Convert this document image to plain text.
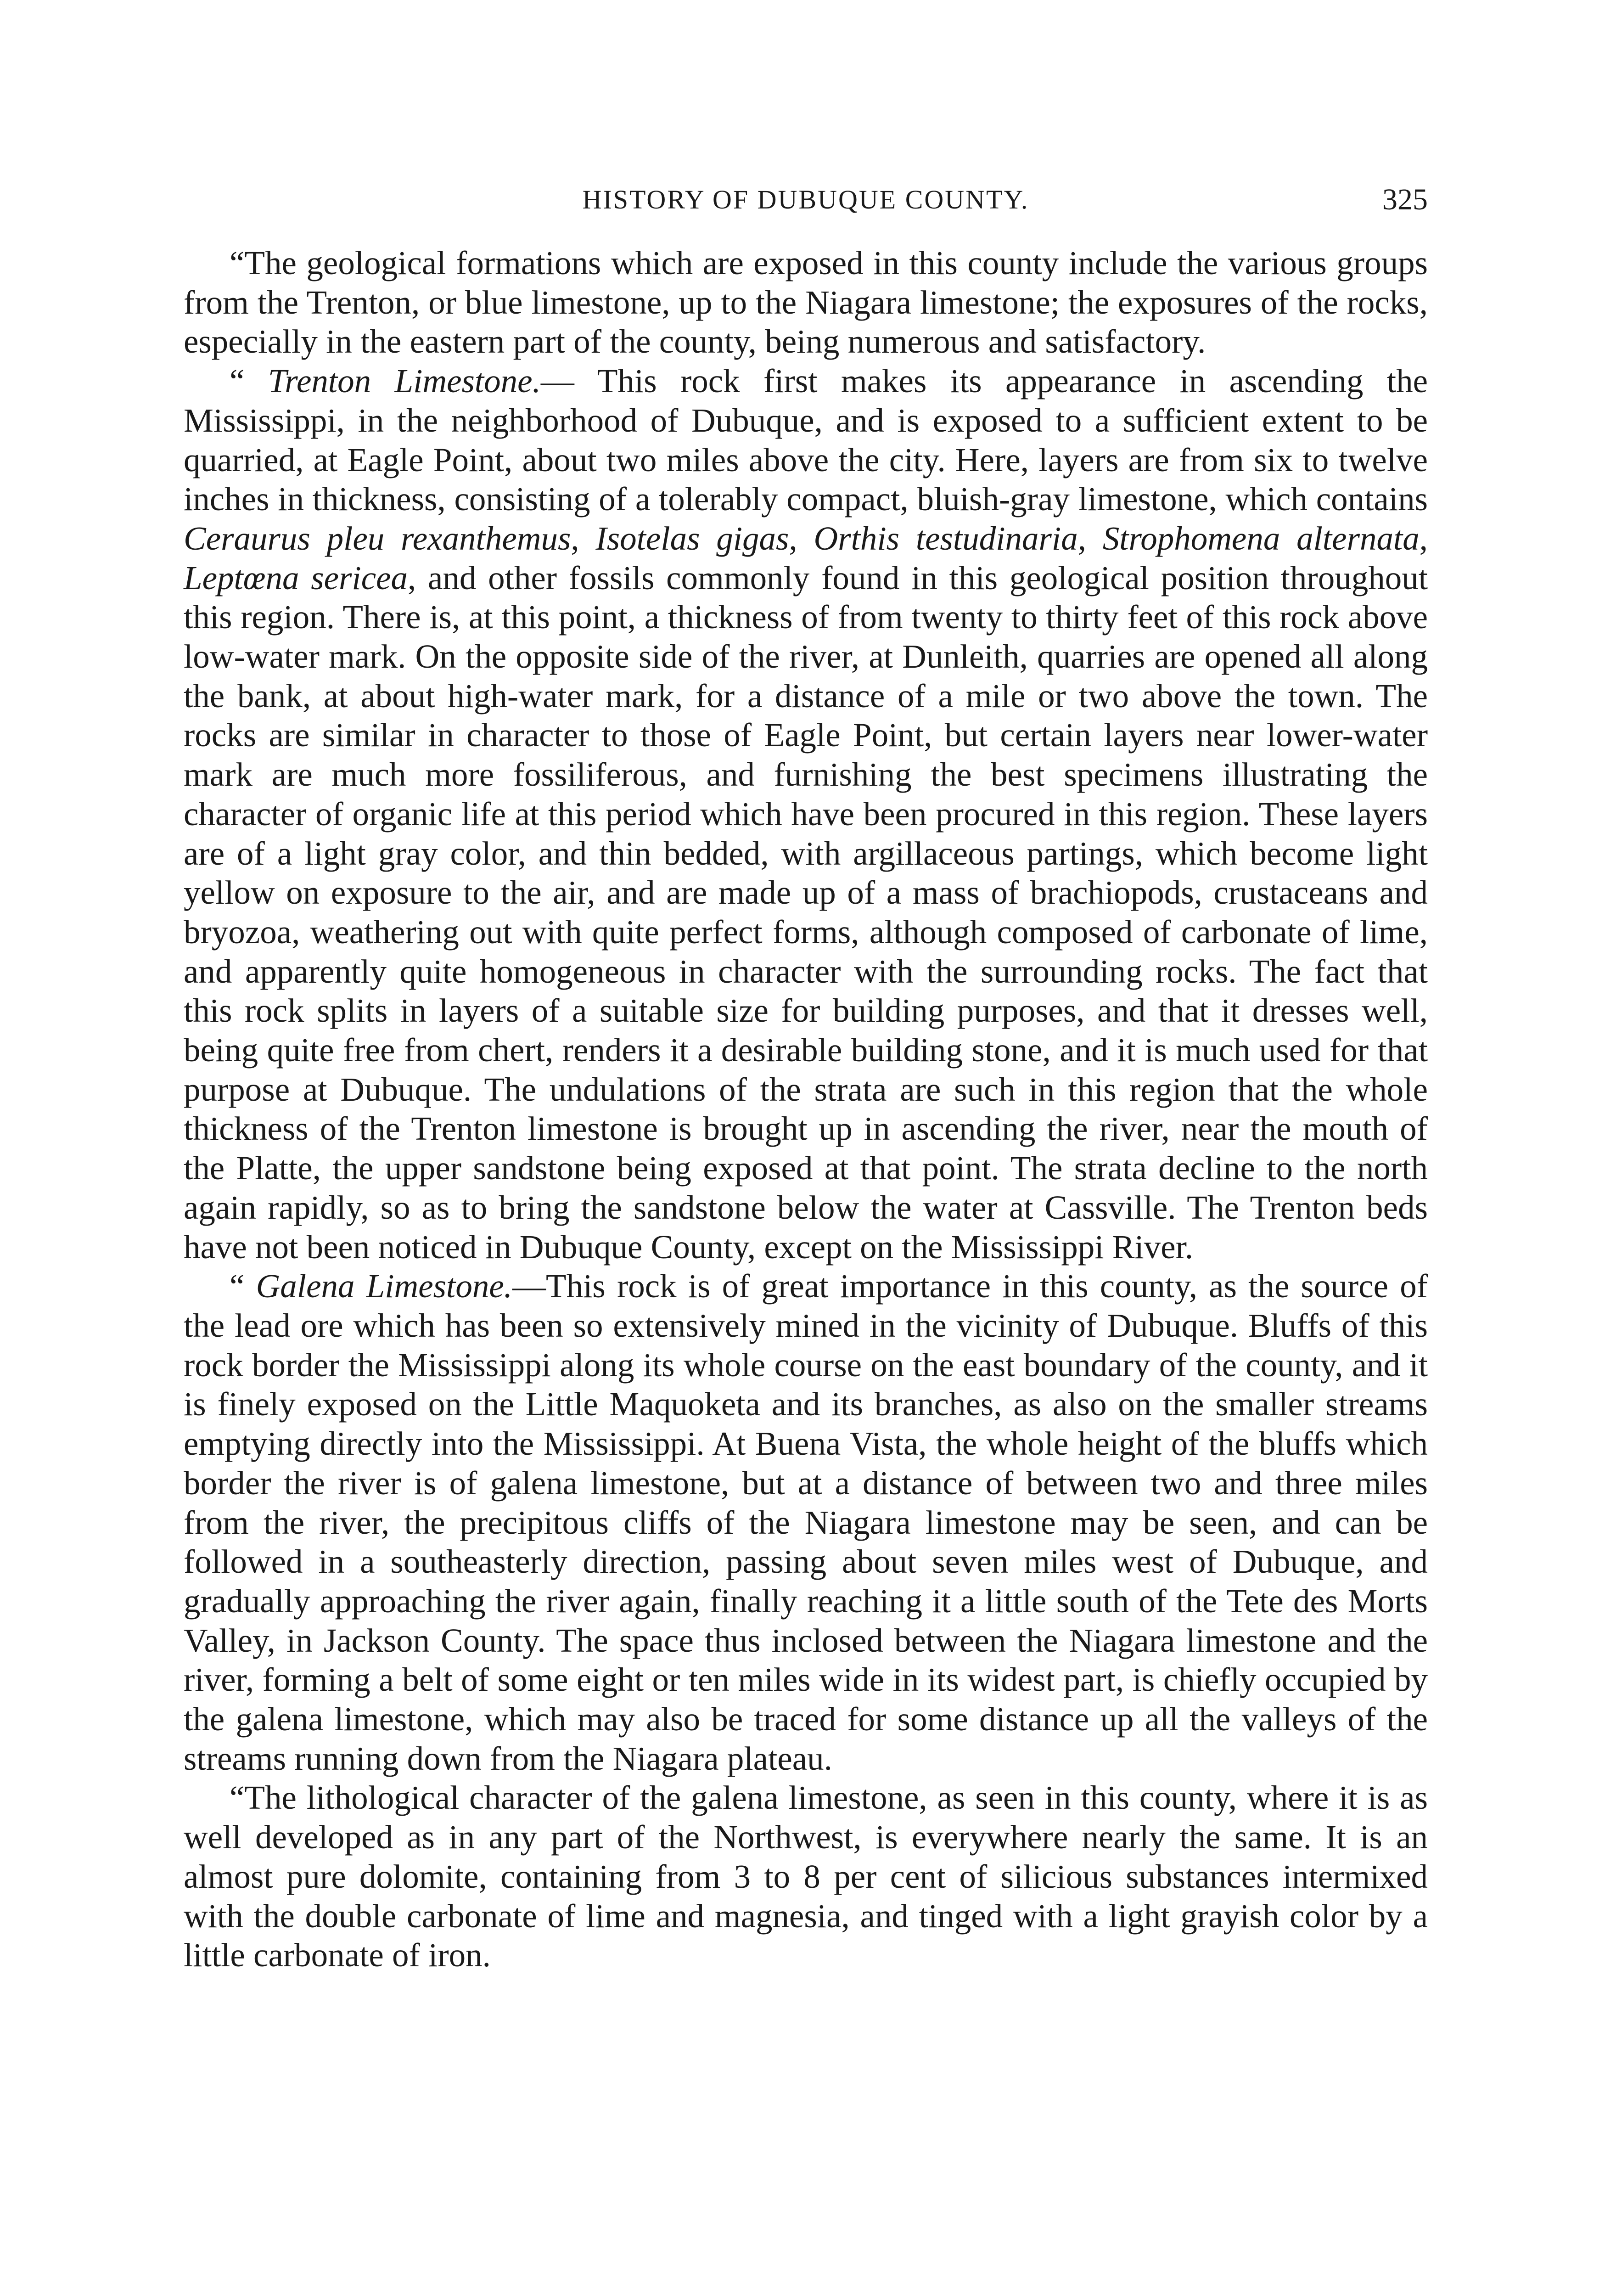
HISTORY OF DUBUQUE COUNTY.	325

“The geological formations which are exposed in this county include the various groups from the Trenton, or blue limestone, up to the Niagara limestone; the exposures of the rocks, especially in the eastern part of the county, being numerous and satisfactory.

“ Trenton Limestone.— This rock first makes its appearance in ascending the Mississippi, in the neighborhood of Dubuque, and is exposed to a sufficient extent to be quarried, at Eagle Point, about two miles above the city. Here, layers are from six to twelve inches in thickness, consisting of a tolerably compact, bluish-gray limestone, which contains Ceraurus pleu rexanthemus, Isotelas gigas, Orthis testudinaria, Strophomena alternata, Leptœna sericea, and other fossils commonly found in this geological position throughout this region. There is, at this point, a thickness of from twenty to thirty feet of this rock above low-water mark. On the opposite side of the river, at Dunleith, quarries are opened all along the bank, at about high-water mark, for a distance of a mile or two above the town. The rocks are similar in character to those of Eagle Point, but certain layers near lower-water mark are much more fossiliferous, and furnishing the best specimens illustrating the character of organic life at this period which have been procured in this region. These layers are of a light gray color, and thin bedded, with argillaceous partings, which become light yellow on exposure to the air, and are made up of a mass of brachiopods, crustaceans and bryozoa, weathering out with quite perfect forms, although composed of carbonate of lime, and apparently quite homogeneous in character with the surrounding rocks. The fact that this rock splits in layers of a suitable size for building purposes, and that it dresses well, being quite free from chert, renders it a desirable building stone, and it is much used for that purpose at Dubuque. The undulations of the strata are such in this region that the whole thickness of the Trenton limestone is brought up in ascending the river, near the mouth of the Platte, the upper sandstone being exposed at that point. The strata decline to the north again rapidly, so as to bring the sandstone below the water at Cassville. The Trenton beds have not been noticed in Dubuque County, except on the Mississippi River.

“ Galena Limestone.—This rock is of great importance in this county, as the source of the lead ore which has been so extensively mined in the vicinity of Dubuque. Bluffs of this rock border the Mississippi along its whole course on the east boundary of the county, and it is finely exposed on the Little Maquoketa and its branches, as also on the smaller streams emptying directly into the Mississippi. At Buena Vista, the whole height of the bluffs which border the river is of galena limestone, but at a distance of between two and three miles from the river, the precipitous cliffs of the Niagara limestone may be seen, and can be followed in a southeasterly direction, passing about seven miles west of Dubuque, and gradually approaching the river again, finally reaching it a little south of the Tete des Morts Valley, in Jackson County. The space thus inclosed between the Niagara limestone and the river, forming a belt of some eight or ten miles wide in its widest part, is chiefly occupied by the galena limestone, which may also be traced for some distance up all the valleys of the streams running down from the Niagara plateau.

“The lithological character of the galena limestone, as seen in this county, where it is as well developed as in any part of the Northwest, is everywhere nearly the same. It is an almost pure dolomite, containing from 3 to 8 per cent of silicious substances intermixed with the double carbonate of lime and magnesia, and tinged with a light grayish color by a little carbonate of iron.
